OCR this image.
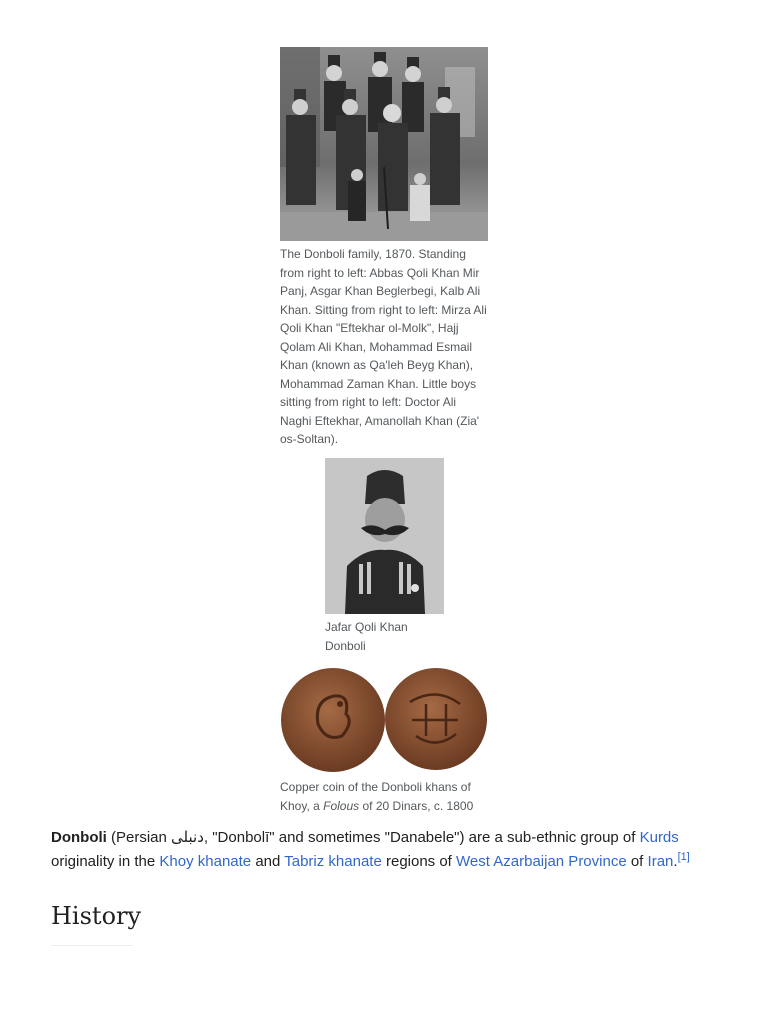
The Donboli family, 1870. Standing from right to left: Abbas Qoli Khan Mir Panj, Asgar Khan Beglerbegi, Kalb Ali Khan. Sitting from right to left: Mirza Ali Qoli Khan "Eftekhar ol-Molk", Hajj Qolam Ali Khan, Mohammad Esmail Khan (known as Qa'leh Beyg Khan), Mohammad Zaman Khan. Little boys sitting from right to left: Doctor Ali Naghi Eftekhar, Amanollah Khan (Zia' os-Soltan).
Jafar Qoli Khan Donboli
Copper coin of the Donboli khans of Khoy, a Folous of 20 Dinars, c. 1800

Donboli (Persian دنبلی, "Donbolī" and sometimes "Danabele") are a sub-ethnic group of Kurds originality in the Khoy khanate and Tabriz khanate regions of West Azarbaijan Province of Iran.[1]

History
